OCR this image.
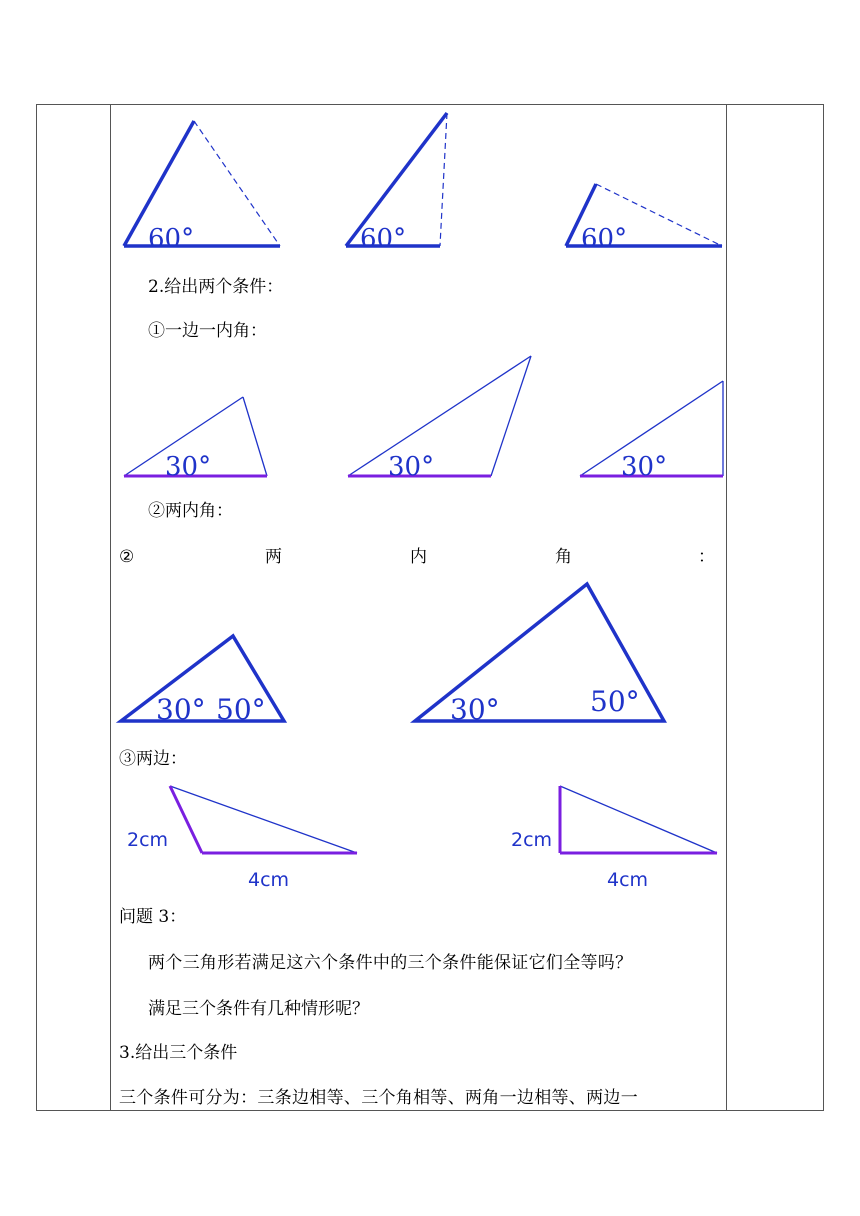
60°	60°	60°
30°	30°	30°
30° 50°	30°	50°
2cm
4cm
2cm
4cm
2.给出两个条件：
①一边一内角：
②两内角：
②	两	内	角	：
③两边：
问题 3：
两个三角形若满足这六个条件中的三个条件能保证它们全等吗？
满足三个条件有几种情形呢？
3.给出三个条件
三个条件可分为：三条边相等、三个角相等、两角一边相等、两边一
